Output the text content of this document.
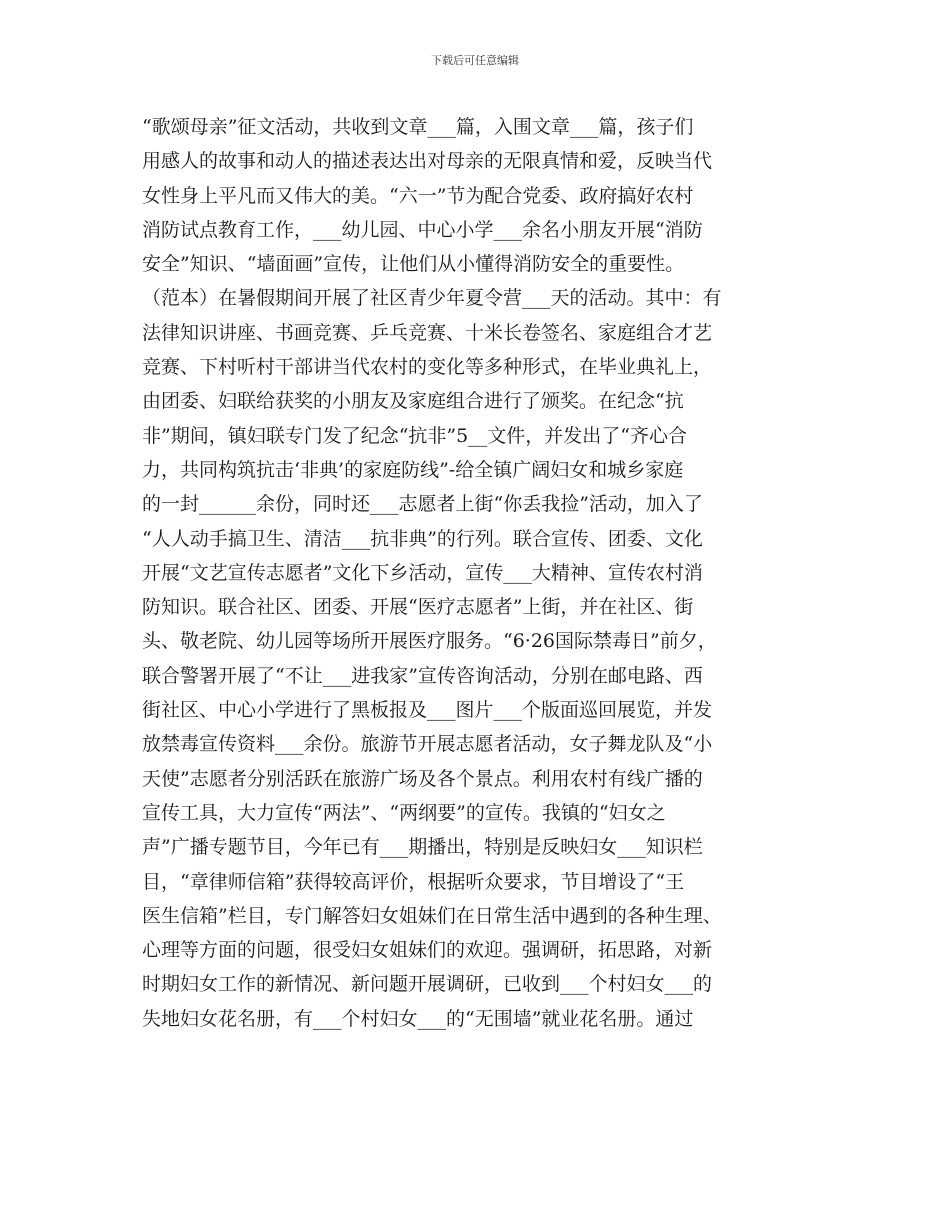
下载后可任意编辑
“歌颂母亲”征文活动，共收到文章___篇，入围文章___篇，孩子们
用感人的故事和动人的描述表达出对母亲的无限真情和爱，反映当代
女性身上平凡而又伟大的美。“六一”节为配合党委、政府搞好农村
消防试点教育工作，___幼儿园、中心小学___余名小朋友开展“消防
安全”知识、“墙面画”宣传，让他们从小懂得消防安全的重要性。
（范本）在暑假期间开展了社区青少年夏令营___天的活动。其中：有
法律知识讲座、书画竞赛、乒乓竞赛、十米长卷签名、家庭组合才艺
竞赛、下村听村干部讲当代农村的变化等多种形式，在毕业典礼上，
由团委、妇联给获奖的小朋友及家庭组合进行了颁奖。在纪念“抗
非”期间，镇妇联专门发了纪念“抗非”5__文件，并发出了“齐心合
力，共同构筑抗击‘非典’的家庭防线”-给全镇广阔妇女和城乡家庭
的一封______余份，同时还___志愿者上街“你丢我捡”活动，加入了
“人人动手搞卫生、清洁___抗非典”的行列。联合宣传、团委、文化
开展“文艺宣传志愿者”文化下乡活动，宣传___大精神、宣传农村消
防知识。联合社区、团委、开展“医疗志愿者”上街，并在社区、街
头、敬老院、幼儿园等场所开展医疗服务。“6·26国际禁毒日”前夕，
联合警署开展了“不让___进我家”宣传咨询活动，分别在邮电路、西
街社区、中心小学进行了黑板报及___图片___个版面巡回展览，并发
放禁毒宣传资料___余份。旅游节开展志愿者活动，女子舞龙队及“小
天使”志愿者分别活跃在旅游广场及各个景点。利用农村有线广播的
宣传工具，大力宣传“两法”、“两纲要”的宣传。我镇的“妇女之
声”广播专题节目，今年已有___期播出，特别是反映妇女___知识栏
目，“章律师信箱”获得较高评价，根据听众要求，节目增设了“王
医生信箱”栏目，专门解答妇女姐妹们在日常生活中遇到的各种生理、
心理等方面的问题，很受妇女姐妹们的欢迎。强调研，拓思路，对新
时期妇女工作的新情况、新问题开展调研，已收到___个村妇女___的
失地妇女花名册，有___个村妇女___的“无围墙”就业花名册。通过
